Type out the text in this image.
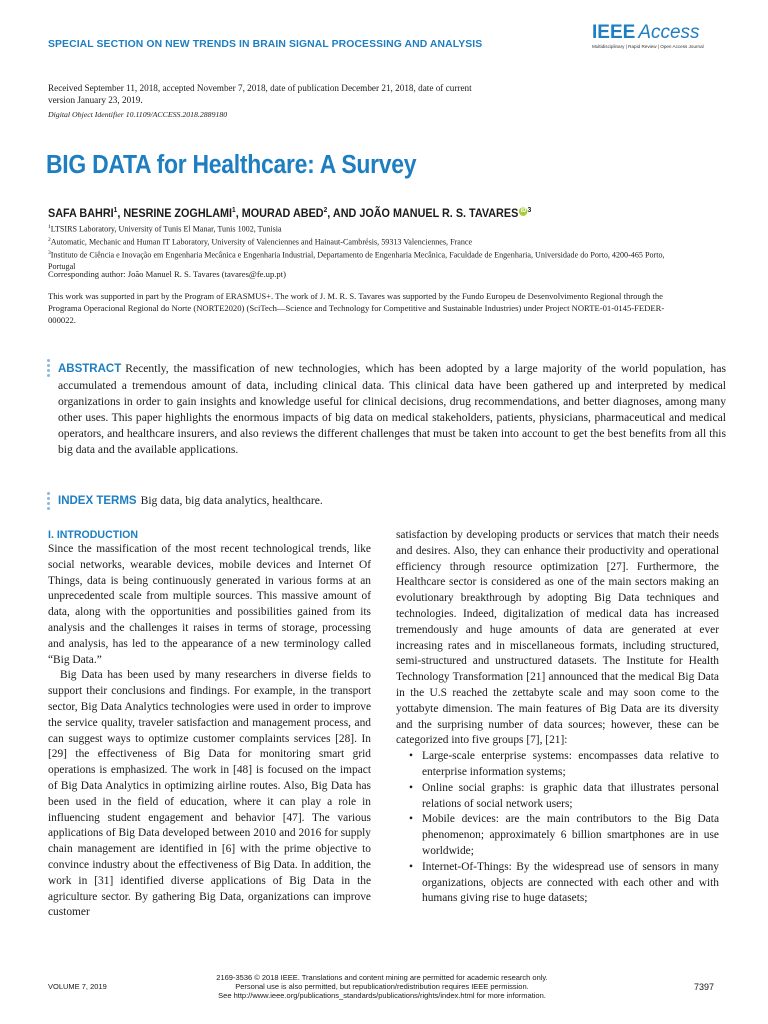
SPECIAL SECTION ON NEW TRENDS IN BRAIN SIGNAL PROCESSING AND ANALYSIS
IEEE Access
Multidisciplinary | Rapid Review | Open Access Journal
Received September 11, 2018, accepted November 7, 2018, date of publication December 21, 2018, date of current version January 23, 2019.
Digital Object Identifier 10.1109/ACCESS.2018.2889180
BIG DATA for Healthcare: A Survey
SAFA BAHRI$^1$, NESRINE ZOGHLAMI$^1$, MOURAD ABED$^2$, AND JOÃO MANUEL R. S. TAVARES $iD^3$
$^1$LTSIRS Laboratory, University of Tunis El Manar, Tunis 1002, Tunisia
$^2$Automatic, Mechanic and Human IT Laboratory, University of Valenciennes and Hainaut-Cambrésis, 59313 Valenciennes, France
$^3$Instituto de Ciência e Inovação em Engenharia Mecânica e Engenharia Industrial, Departamento de Engenharia Mecânica, Faculdade de Engenharia, Universidade do Porto, 4200-465 Porto, Portugal
Corresponding author: João Manuel R. S. Tavares (tavares@fe.up.pt)
This work was supported in part by the Program of ERASMUS+. The work of J. M. R. S. Tavares was supported by the Fundo Europeu de Desenvolvimento Regional through the Programa Operacional Regional do Norte (NORTE2020) (SciTech—Science and Technology for Competitive and Sustainable Industries) under Project NORTE-01-0145-FEDER-000022.
ABSTRACT Recently, the massification of new technologies, which has been adopted by a large majority of the world population, has accumulated a tremendous amount of data, including clinical data. This clinical data have been gathered up and interpreted by medical organizations in order to gain insights and knowledge useful for clinical decisions, drug recommendations, and better diagnoses, among many other uses. This paper highlights the enormous impacts of big data on medical stakeholders, patients, physicians, pharmaceutical and medical operators, and healthcare insurers, and also reviews the different challenges that must be taken into account to get the best benefits from all this big data and the available applications.
INDEX TERMS Big data, big data analytics, healthcare.
I. INTRODUCTION

Since the massification of the most recent technological trends, like social networks, wearable devices, mobile devices and Internet Of Things, data is being continuously generated in various forms at an unprecedented scale from multiple sources. This massive amount of data, along with the opportunities and possibilities gained from its analysis and the challenges it raises in terms of storage, processing and analysis, has led to the appearance of a new terminology called “Big Data.”

Big Data has been used by many researchers in diverse fields to support their conclusions and findings. For example, in the transport sector, Big Data Analytics technologies were used in order to improve the service quality, traveler satisfaction and management process, and can suggest ways to optimize customer complaints services [28]. In [29] the effectiveness of Big Data for monitoring smart grid operations is emphasized. The work in [48] is focused on the impact of Big Data Analytics in optimizing airline routes. Also, Big Data has been used in the field of education, where it can play a role in influencing student engagement and behavior [47]. The various applications of Big Data developed between 2010 and 2016 for supply chain management are identified in [6] with the prime objective to convince industry about the effectiveness of Big Data. In addition, the work in [31] identified diverse applications of Big Data in the agriculture sector. By gathering Big Data, organizations can improve customer

satisfaction by developing products or services that match their needs and desires. Also, they can enhance their productivity and operational efficiency through resource optimization [27]. Furthermore, the Healthcare sector is considered as one of the main sectors making an evolutionary breakthrough by adopting Big Data techniques and technologies. Indeed, digitalization of medical data has increased tremendously and huge amounts of data are generated at ever increasing rates and in miscellaneous formats, including structured, semi-structured and unstructured datasets. The Institute for Health Technology Transformation [21] announced that the medical Big Data in the U.S reached the zettabyte scale and may soon come to the yottabyte dimension. The main features of Big Data are its diversity and the surprising number of data sources; however, these can be categorized into five groups [7], [21]:

• Large-scale enterprise systems: encompasses data relative to enterprise information systems;
• Online social graphs: is graphic data that illustrates personal relations of social network users;
• Mobile devices: are the main contributors to the Big Data phenomenon; approximately 6 billion smartphones are in use worldwide;
• Internet-Of-Things: By the widespread use of sensors in many organizations, objects are connected with each other and with humans giving rise to huge datasets;
VOLUME 7, 2019
2169-3536 © 2018 IEEE. Translations and content mining are permitted for academic research only.
Personal use is also permitted, but republication/redistribution requires IEEE permission.
See http://www.ieee.org/publications_standards/publications/rights/index.html for more information.
7397
